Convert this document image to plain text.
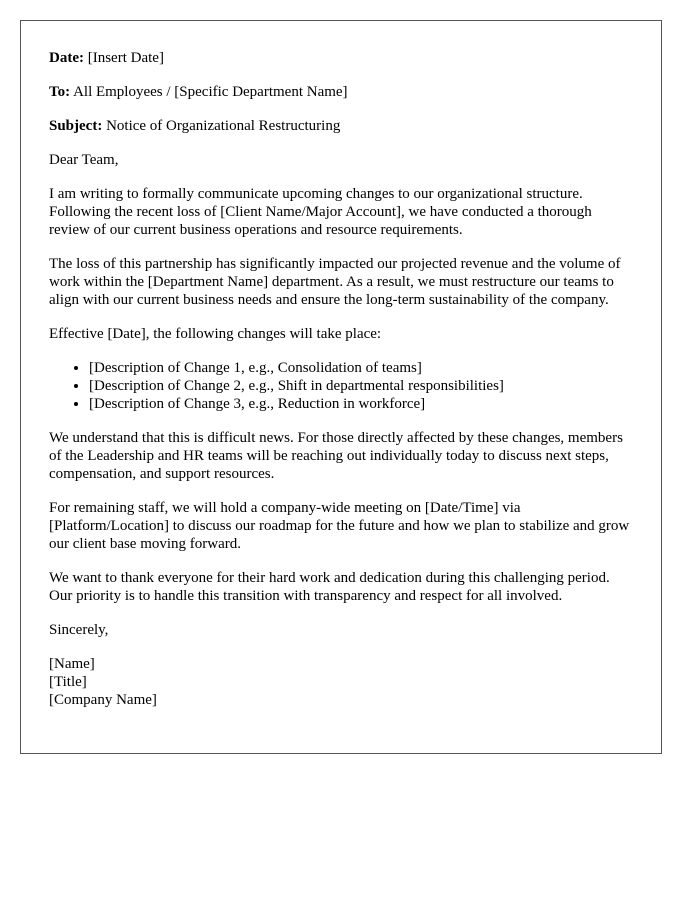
Date: [Insert Date]

To: All Employees / [Specific Department Name]

Subject: Notice of Organizational Restructuring

Dear Team,

I am writing to formally communicate upcoming changes to our organizational structure. Following the recent loss of [Client Name/Major Account], we have conducted a thorough review of our current business operations and resource requirements.

The loss of this partnership has significantly impacted our projected revenue and the volume of work within the [Department Name] department. As a result, we must restructure our teams to align with our current business needs and ensure the long-term sustainability of the company.

Effective [Date], the following changes will take place:

• [Description of Change 1, e.g., Consolidation of teams]
• [Description of Change 2, e.g., Shift in departmental responsibilities]
• [Description of Change 3, e.g., Reduction in workforce]

We understand that this is difficult news. For those directly affected by these changes, members of the Leadership and HR teams will be reaching out individually today to discuss next steps, compensation, and support resources.

For remaining staff, we will hold a company-wide meeting on [Date/Time] via [Platform/Location] to discuss our roadmap for the future and how we plan to stabilize and grow our client base moving forward.

We want to thank everyone for their hard work and dedication during this challenging period. Our priority is to handle this transition with transparency and respect for all involved.

Sincerely,

[Name]
[Title]
[Company Name]
